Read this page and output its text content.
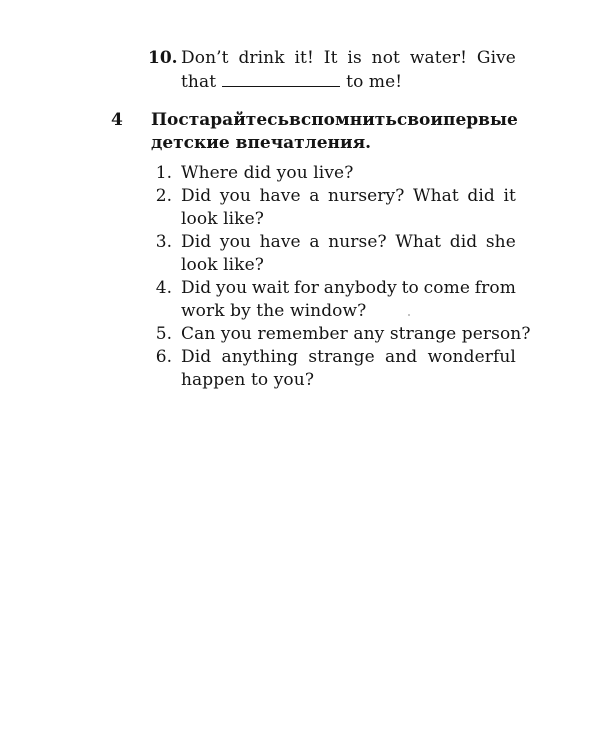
10. Don’t drink it! It is not water! Give
that	to me!
4 Постарайтесь вспомнить свои первые
детские впечатления.
1. Where did you live?
2. Did you have a nursery? What did it
look like?
3. Did you have a nurse? What did she
look like?
4. Did you wait for anybody to come from
work by the window?
5. Can you remember any strange person?
6. Did anything strange and wonderful
happen to you?
